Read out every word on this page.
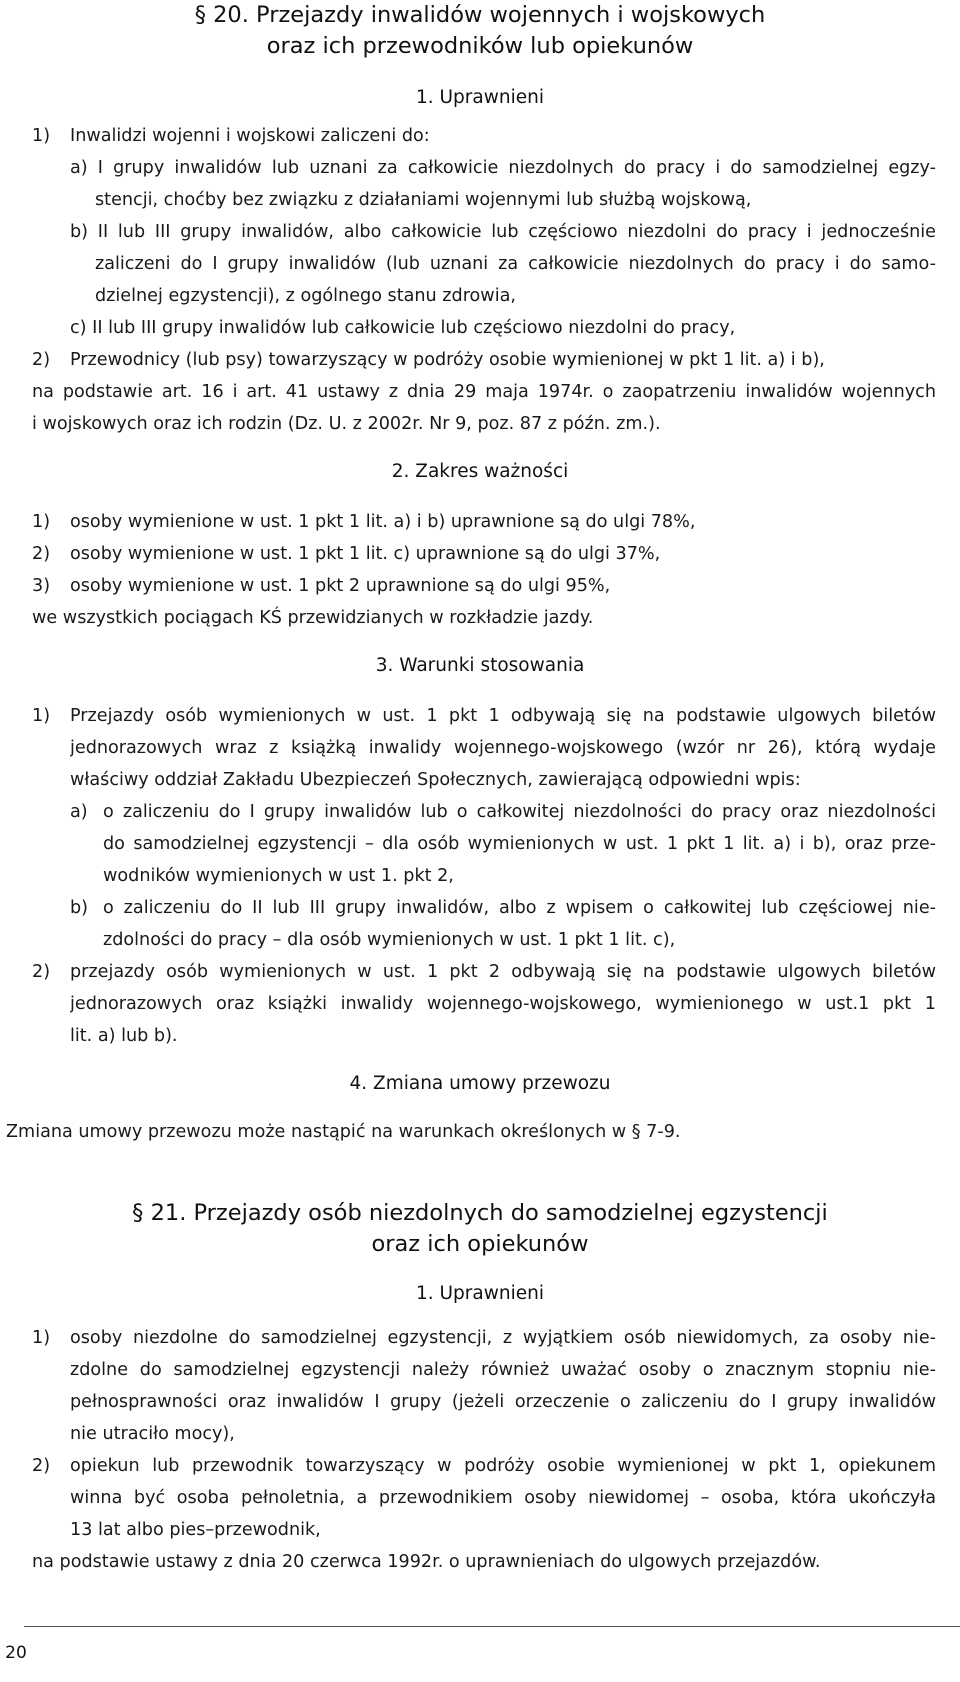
§ 20. Przejazdy inwalidów wojennych i wojskowych
oraz ich przewodników lub opiekunów
1. Uprawnieni
1) Inwalidzi wojenni i wojskowi zaliczeni do:
a) I grupy inwalidów lub uznani za całkowicie niezdolnych do pracy i do samodzielnej egzy-
stencji, choćby bez związku z działaniami wojennymi lub służbą wojskową,
b) II lub III grupy inwalidów, albo całkowicie lub częściowo niezdolni do pracy i jednocześnie
zaliczeni do I grupy inwalidów (lub uznani za całkowicie niezdolnych do pracy i do samo-
dzielnej egzystencji), z ogólnego stanu zdrowia,
c) II lub III grupy inwalidów lub całkowicie lub częściowo niezdolni do pracy,
2) Przewodnicy (lub psy) towarzyszący w podróży osobie wymienionej w pkt 1 lit. a) i b),
na podstawie art. 16 i art. 41 ustawy z dnia 29 maja 1974r. o zaopatrzeniu inwalidów wojennych
i wojskowych oraz ich rodzin (Dz. U. z 2002r. Nr 9, poz. 87 z późn. zm.).
2. Zakres ważności
1) osoby wymienione w ust. 1 pkt 1 lit. a) i b) uprawnione są do ulgi 78%,
2) osoby wymienione w ust. 1 pkt 1 lit. c) uprawnione są do ulgi 37%,
3) osoby wymienione w ust. 1 pkt 2 uprawnione są do ulgi 95%,
we wszystkich pociągach KŚ przewidzianych w rozkładzie jazdy.
3. Warunki stosowania
1) Przejazdy osób wymienionych w ust. 1 pkt 1 odbywają się na podstawie ulgowych biletów
jednorazowych wraz z książką inwalidy wojennego-wojskowego (wzór nr 26), którą wydaje
właściwy oddział Zakładu Ubezpieczeń Społecznych, zawierającą odpowiedni wpis:
a) o zaliczeniu do I grupy inwalidów lub o całkowitej niezdolności do pracy oraz niezdolności
do samodzielnej egzystencji – dla osób wymienionych w ust. 1 pkt 1 lit. a) i b), oraz prze-
wodników wymienionych w ust 1. pkt 2,
b) o zaliczeniu do II lub III grupy inwalidów, albo z wpisem o całkowitej lub częściowej nie-
zdolności do pracy – dla osób wymienionych w ust. 1 pkt 1 lit. c),
2) przejazdy osób wymienionych w ust. 1 pkt 2 odbywają się na podstawie ulgowych biletów
jednorazowych oraz książki inwalidy wojennego-wojskowego, wymienionego w ust.1 pkt 1
lit. a) lub b).
4. Zmiana umowy przewozu
Zmiana umowy przewozu może nastąpić na warunkach określonych w § 7-9.
§ 21. Przejazdy osób niezdolnych do samodzielnej egzystencji
oraz ich opiekunów
1. Uprawnieni
1) osoby niezdolne do samodzielnej egzystencji, z wyjątkiem osób niewidomych, za osoby nie-
zdolne do samodzielnej egzystencji należy również uważać osoby o znacznym stopniu nie-
pełnosprawności oraz inwalidów I grupy (jeżeli orzeczenie o zaliczeniu do I grupy inwalidów
nie utraciło mocy),
2) opiekun lub przewodnik towarzyszący w podróży osobie wymienionej w pkt 1, opiekunem
winna być osoba pełnoletnia, a przewodnikiem osoby niewidomej – osoba, która ukończyła
13 lat albo pies–przewodnik,
na podstawie ustawy z dnia 20 czerwca 1992r. o uprawnieniach do ulgowych przejazdów.
20
